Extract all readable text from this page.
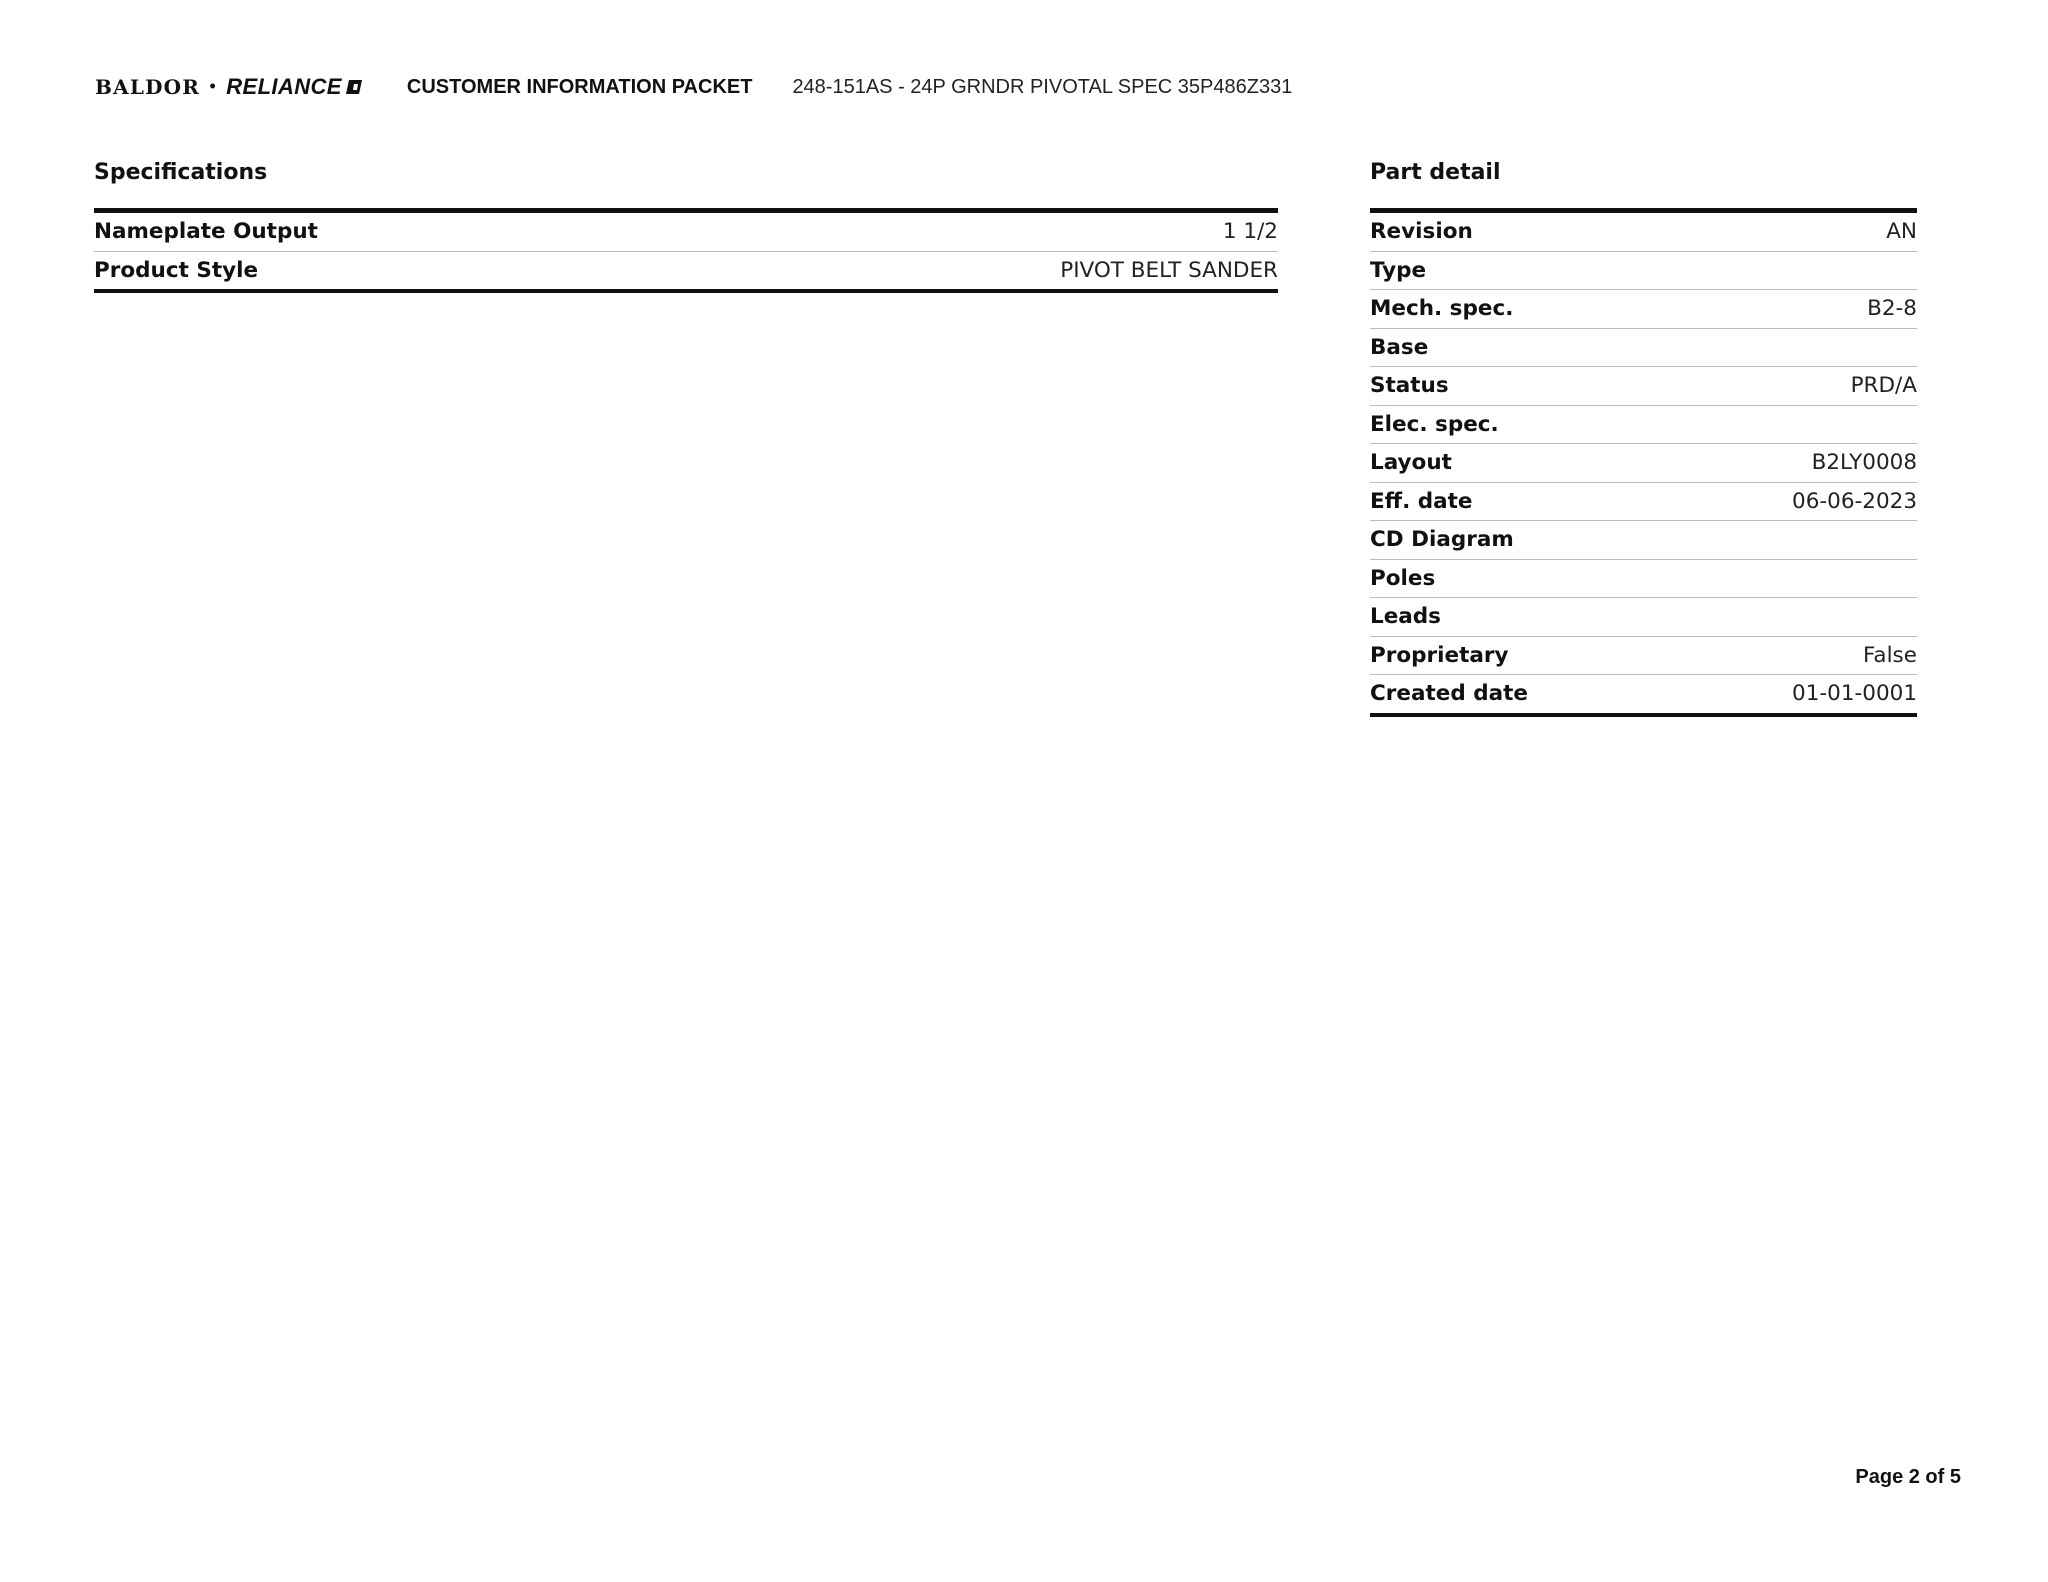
BALDOR • RELIANCE	CUSTOMER INFORMATION PACKET 248-151AS - 24P GRNDR PIVOTAL SPEC 35P486Z331
Specifications
Nameplate Output	1 1/2
Product Style	PIVOT BELT SANDER
Part detail
Revision	AN
Type
Mech. spec.	B2-8
Base
Status	PRD/A
Elec. spec.
Layout	B2LY0008
Eff. date	06-06-2023
CD Diagram
Poles
Leads
Proprietary	False
Created date	01-01-0001
Page 2 of 5
